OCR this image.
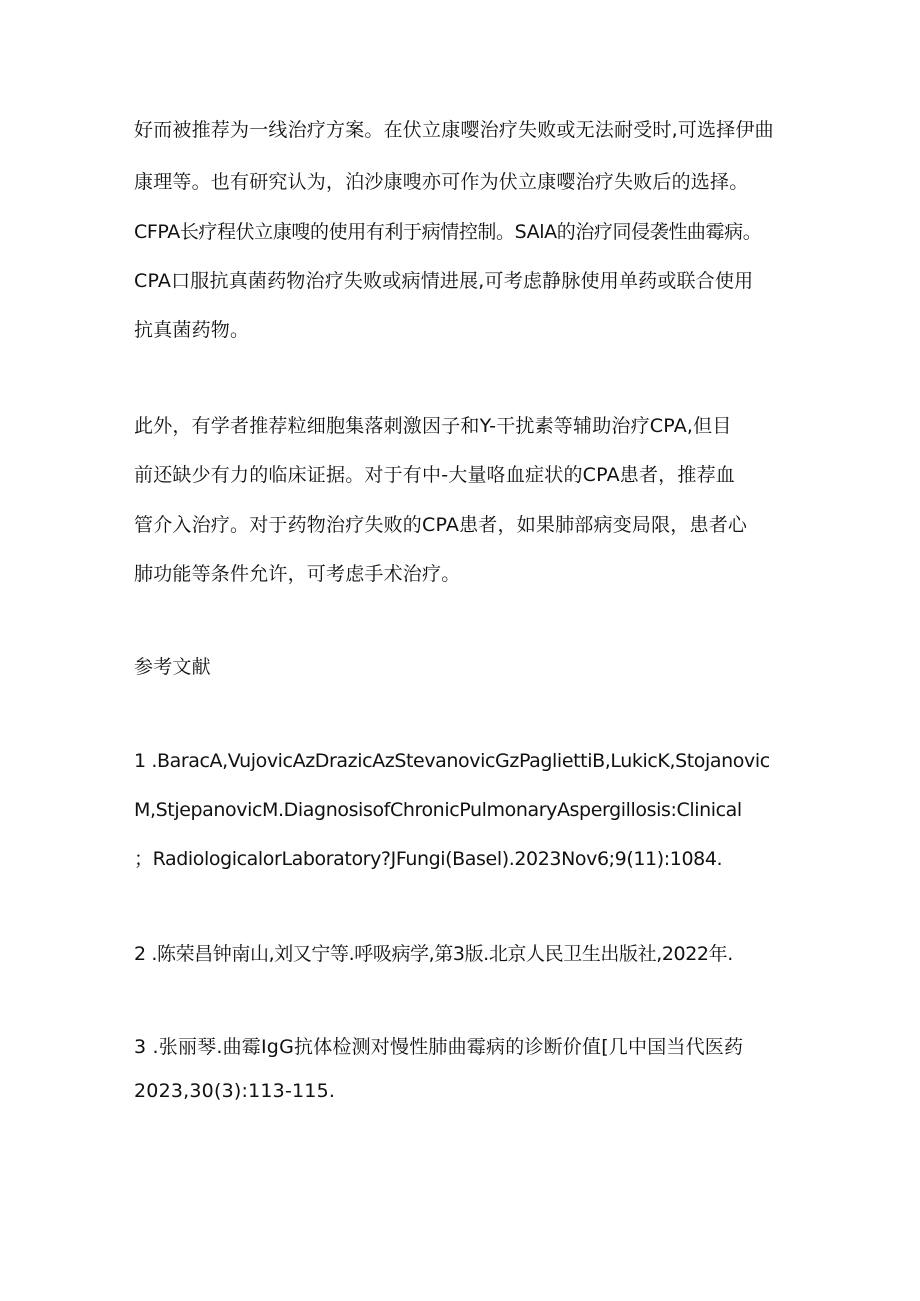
好而被推荐为一线治疗方案。在伏立康嘤治疗失败或无法耐受时,可选择伊曲
康理等。也有研究认为，泊沙康嗖亦可作为伏立康嘤治疗失败后的选择。
CFPA长疗程伏立康嗖的使用有利于病情控制。SAlA的治疗同侵袭性曲霉病。
CPA口服抗真菌药物治疗失败或病情进展,可考虑静脉使用单药或联合使用
抗真菌药物。
此外，有学者推荐粒细胞集落刺激因子和Y-干扰素等辅助治疗CPA,但目
前还缺少有力的临床证据。对于有中-大量咯血症状的CPA患者，推荐血
管介入治疗。对于药物治疗失败的CPA患者，如果肺部病变局限，患者心
肺功能等条件允许，可考虑手术治疗。
参考文献
1 .BaracA,VujovicAzDrazicAzStevanovicGzPagliettiB,LukicK,Stojanovic
M,StjepanovicM.DiagnosisofChronicPulmonaryAspergillosis:Clinical
；RadiologicalorLaboratory?JFungi(Basel).2023Nov6;9(11):1084.
2 .陈荣昌钟南山,刘又宁等.呼吸病学,第3版.北京人民卫生出版社,2022年.
3 .张丽琴.曲霉IgG抗体检测对慢性肺曲霉病的诊断价值[几中国当代医药
2023,30(3):113-115.
